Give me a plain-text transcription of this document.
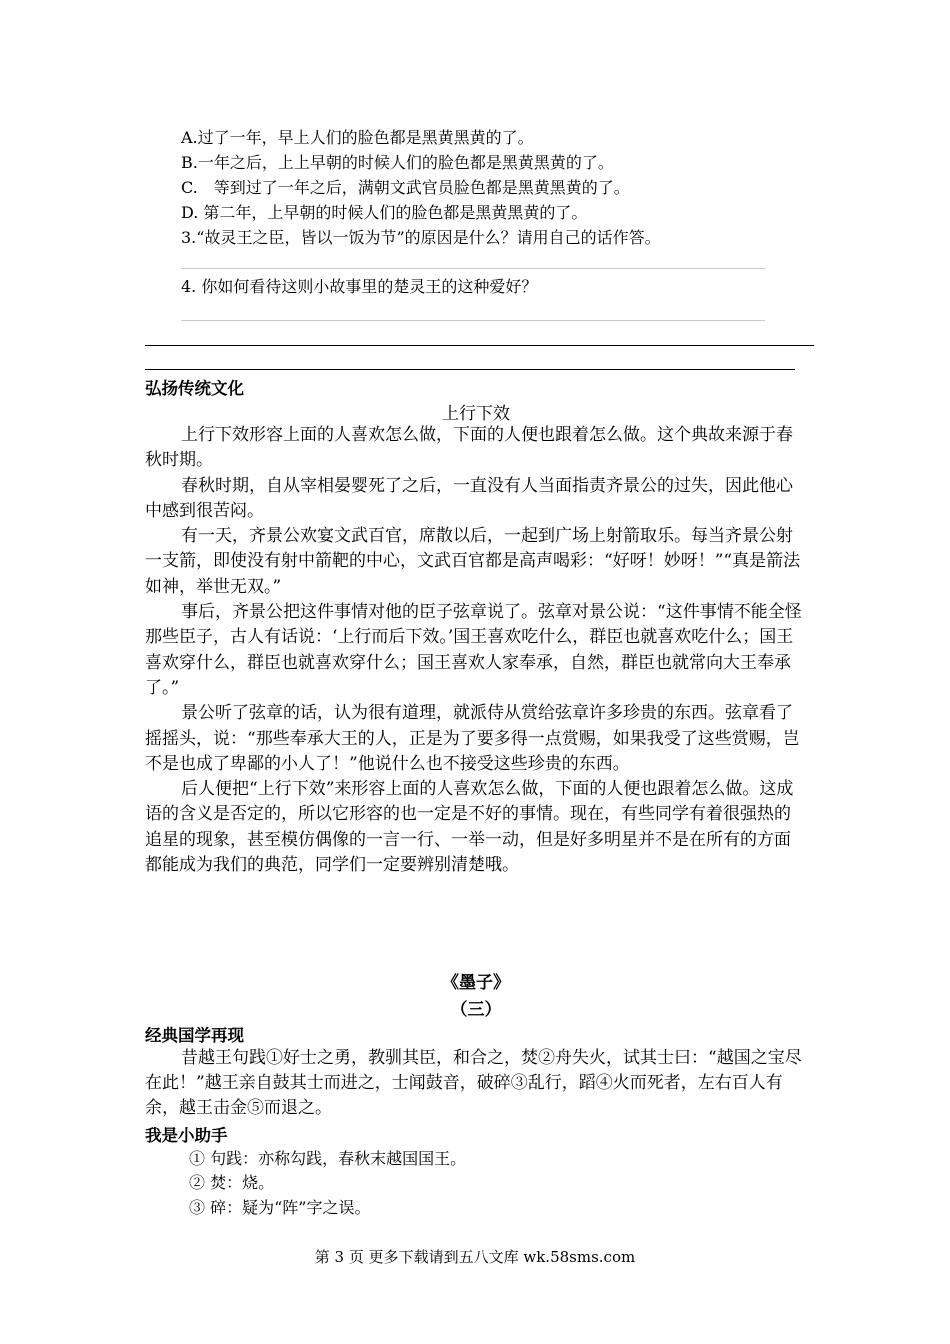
A.过了一年，早上人们的脸色都是黑黄黑黄的了。
B.一年之后，上上早朝的时候人们的脸色都是黑黄黑黄的了。
C.　等到过了一年之后，满朝文武官员脸色都是黑黄黑黄的了。
D. 第二年，上早朝的时候人们的脸色都是黑黄黑黄的了。
3.“故灵王之臣，皆以一饭为节”的原因是什么？请用自己的话作答。
4. 你如何看待这则小故事里的楚灵王的这种爱好？
弘扬传统文化
上行下效

上行下效形容上面的人喜欢怎么做，下面的人便也跟着怎么做。这个典故来源于春秋时期。

春秋时期，自从宰相晏婴死了之后，一直没有人当面指责齐景公的过失，因此他心中感到很苦闷。

有一天，齐景公欢宴文武百官，席散以后，一起到广场上射箭取乐。每当齐景公射一支箭，即使没有射中箭靶的中心，文武百官都是高声喝彩：“好呀！妙呀！”“真是箭法如神，举世无双。”

事后，齐景公把这件事情对他的臣子弦章说了。弦章对景公说：“这件事情不能全怪那些臣子，古人有话说：‘上行而后下效。’国王喜欢吃什么，群臣也就喜欢吃什么；国王喜欢穿什么，群臣也就喜欢穿什么；国王喜欢人家奉承，自然，群臣也就常向大王奉承了。”

景公听了弦章的话，认为很有道理，就派侍从赏给弦章许多珍贵的东西。弦章看了摇摇头，说：“那些奉承大王的人，正是为了要多得一点赏赐，如果我受了这些赏赐，岂不是也成了卑鄙的小人了！”他说什么也不接受这些珍贵的东西。

后人便把“上行下效”来形容上面的人喜欢怎么做，下面的人便也跟着怎么做。这成语的含义是否定的，所以它形容的也一定是不好的事情。现在，有些同学有着很强热的追星的现象，甚至模仿偶像的一言一行、一举一动，但是好多明星并不是在所有的方面都能成为我们的典范，同学们一定要辨别清楚哦。

《墨子》
（三）
经典国学再现

昔越王句践①好士之勇，教驯其臣，和合之，焚②舟失火，试其士曰：“越国之宝尽在此！”越王亲自鼓其士而进之，士闻鼓音，破碎③乱行，蹈④火而死者，左右百人有余，越王击金⑤而退之。

我是小助手
① 句践：亦称勾践，春秋末越国国王。
② 焚：烧。
③ 碎：疑为“阵”字之误。
第 3 页 更多下载请到五八文库 wk.58sms.com
